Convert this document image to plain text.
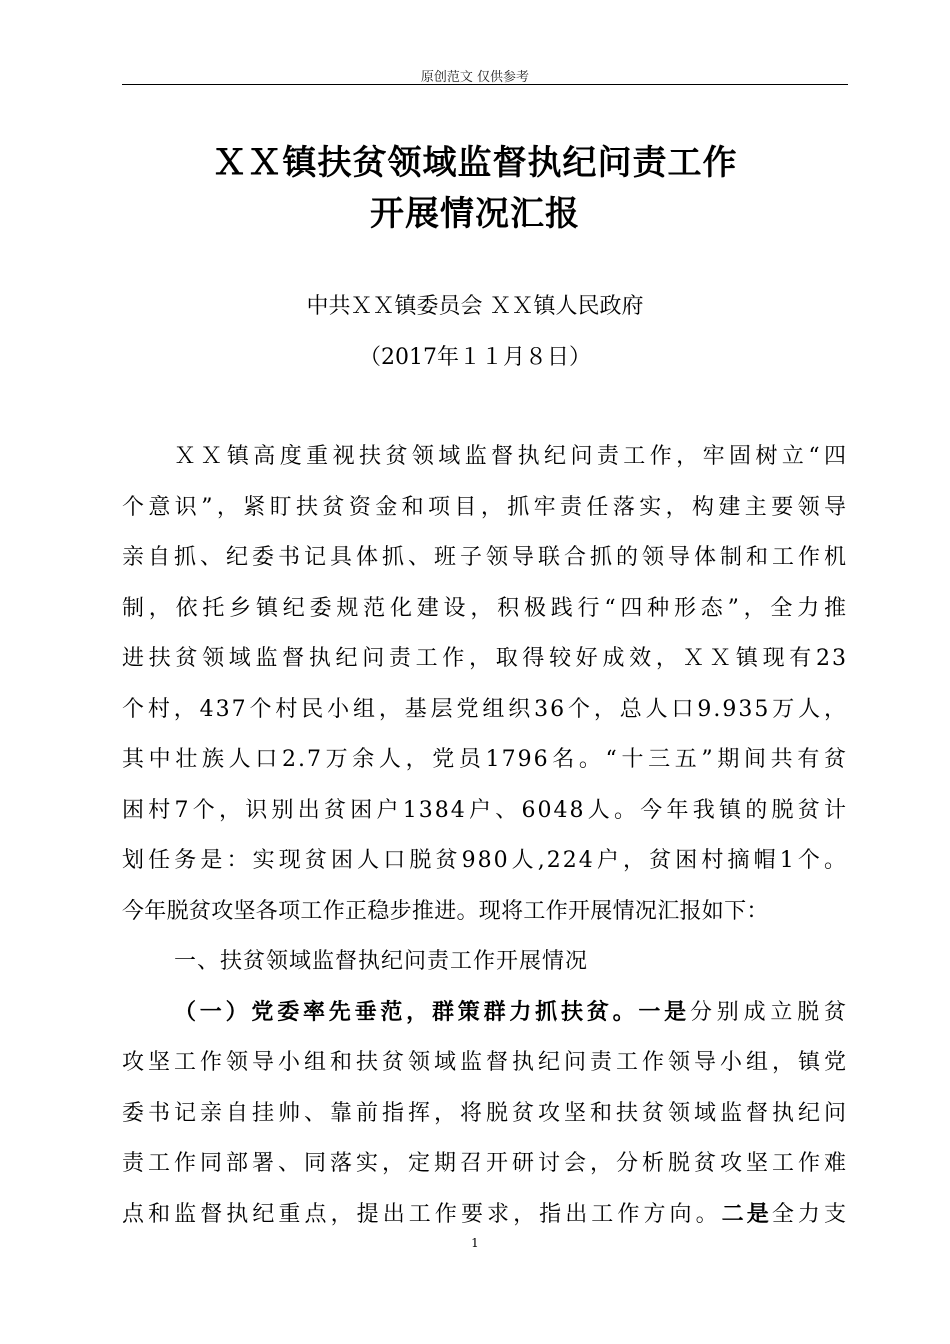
原创范文 仅供参考
ＸＸ镇扶贫领域监督执纪问责工作
开展情况汇报
中共ＸＸ镇委员会 ＸＸ镇人民政府
（2017年１１月８日）
ＸＸ镇高度重视扶贫领域监督执纪问责工作，牢固树立“四
个意识”，紧盯扶贫资金和项目，抓牢责任落实，构建主要领导
亲自抓、纪委书记具体抓、班子领导联合抓的领导体制和工作机
制，依托乡镇纪委规范化建设，积极践行“四种形态”，全力推
进扶贫领域监督执纪问责工作，取得较好成效，ＸＸ镇现有23
个村，437个村民小组，基层党组织36个，总人口9.935万人，
其中壮族人口2.7万余人，党员1796名。“十三五”期间共有贫
困村7个，识别出贫困户1384户、6048人。今年我镇的脱贫计
划任务是：实现贫困人口脱贫980人,224户，贫困村摘帽1个。
今年脱贫攻坚各项工作正稳步推进。现将工作开展情况汇报如下：
一、扶贫领域监督执纪问责工作开展情况
（一）党委率先垂范，群策群力抓扶贫。一是分别成立脱贫
攻坚工作领导小组和扶贫领域监督执纪问责工作领导小组，镇党
委书记亲自挂帅、靠前指挥，将脱贫攻坚和扶贫领域监督执纪问
责工作同部署、同落实，定期召开研讨会，分析脱贫攻坚工作难
点和监督执纪重点，提出工作要求，指出工作方向。二是全力支
1
